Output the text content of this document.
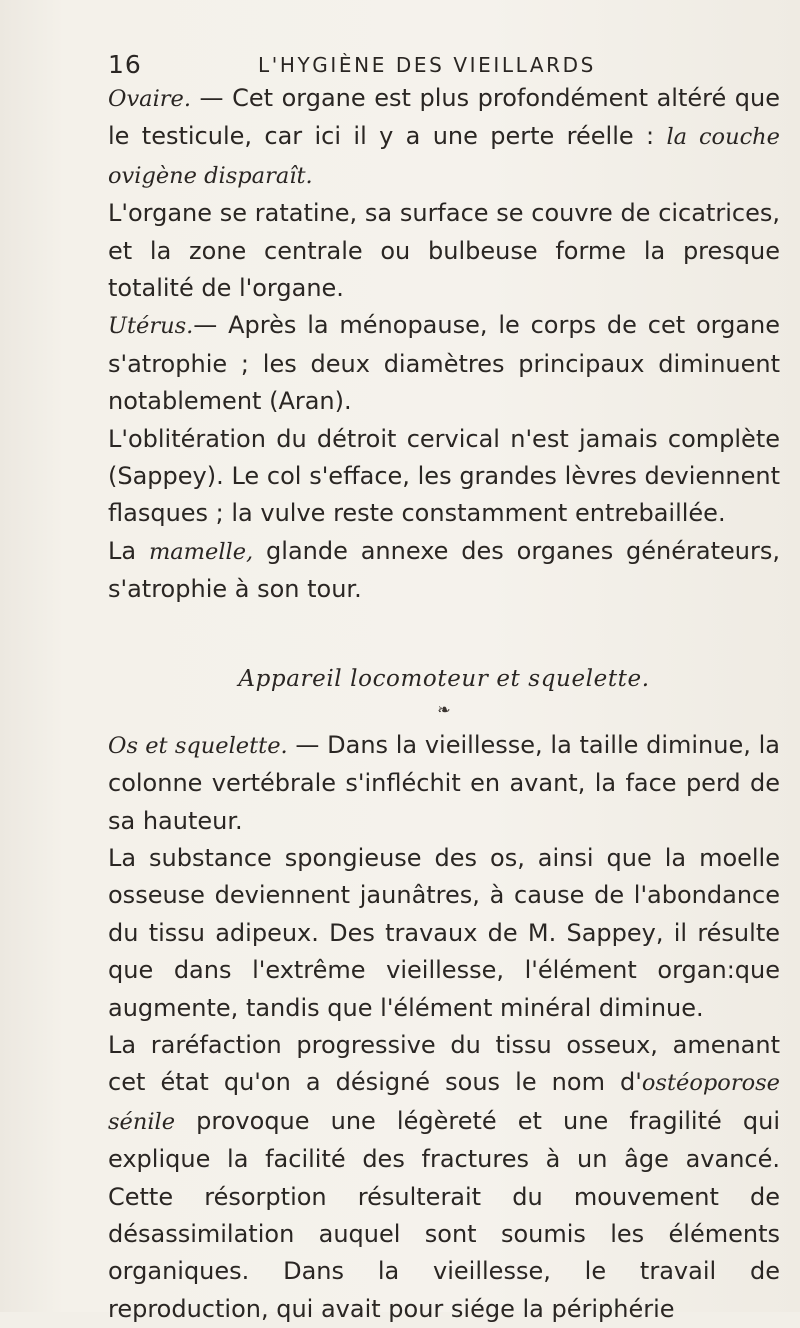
16	L'HYGIÈNE DES VIEILLARDS

Ovaire. — Cet organe est plus profondément altéré que le testicule, car ici il y a une perte réelle : la couche ovigène disparaît.

L'organe se ratatine, sa surface se couvre de cicatrices, et la zone centrale ou bulbeuse forme la presque totalité de l'organe.

Utérus.— Après la ménopause, le corps de cet organe s'atrophie ; les deux diamètres principaux diminuent notablement (Aran).

L'oblitération du détroit cervical n'est jamais complète (Sappey). Le col s'efface, les grandes lèvres deviennent flasques ; la vulve reste constamment entrebaillée.

La mamelle, glande annexe des organes générateurs, s'atrophie à son tour.

Appareil locomoteur et squelette.
❧

Os et squelette. — Dans la vieillesse, la taille diminue, la colonne vertébrale s'infléchit en avant, la face perd de sa hauteur.

La substance spongieuse des os, ainsi que la moelle osseuse deviennent jaunâtres, à cause de l'abondance du tissu adipeux. Des travaux de M. Sappey, il résulte que dans l'extrême vieillesse, l'élément organ:que augmente, tandis que l'élément minéral diminue.

La raréfaction progressive du tissu osseux, amenant cet état qu'on a désigné sous le nom d'ostéoporose sénile provoque une légèreté et une fragilité qui explique la facilité des fractures à un âge avancé. Cette résorption résulterait du mouvement de désassimilation auquel sont soumis les éléments organiques. Dans la vieillesse, le travail de reproduction, qui avait pour siége la périphérie
